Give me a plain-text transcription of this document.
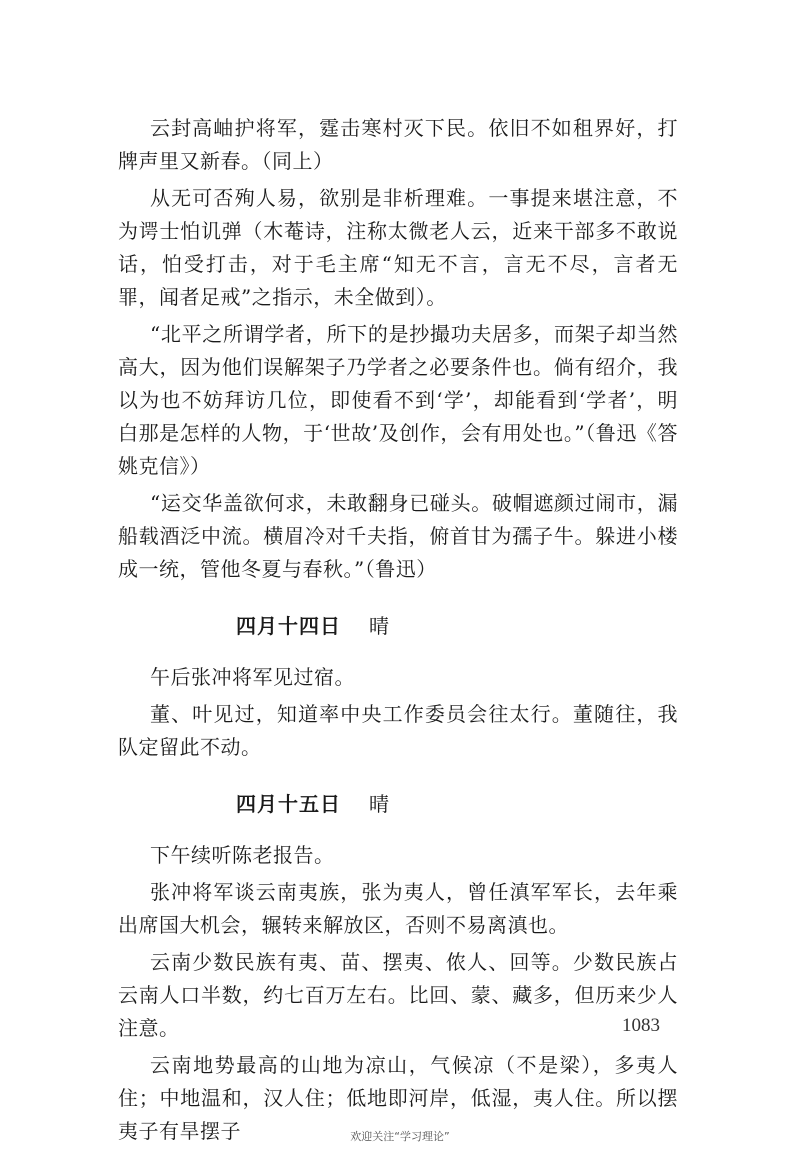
云封高岫护将军，霆击寒村灭下民。依旧不如租界好，打牌声里又新春。（同上）

从无可否殉人易，欲别是非析理难。一事提来堪注意，不为谔士怕讥弹（木菴诗，注称太微老人云，近来干部多不敢说话，怕受打击，对于毛主席“知无不言，言无不尽，言者无罪，闻者足戒”之指示，未全做到）。

“北平之所谓学者，所下的是抄撮功夫居多，而架子却当然高大，因为他们误解架子乃学者之必要条件也。倘有绍介，我以为也不妨拜访几位，即使看不到‘学’，却能看到‘学者’，明白那是怎样的人物，于‘世故’及创作，会有用处也。”（鲁迅《答姚克信》）

“运交华盖欲何求，未敢翻身已碰头。破帽遮颜过闹市，漏船载酒泛中流。横眉冷对千夫指，俯首甘为孺子牛。躲进小楼成一统，管他冬夏与春秋。”（鲁迅）

四月十四日 晴

午后张冲将军见过宿。

董、叶见过，知道率中央工作委员会往太行。董随往，我队定留此不动。

四月十五日 晴

下午续听陈老报告。

张冲将军谈云南夷族，张为夷人，曾任滇军军长，去年乘出席国大机会，辗转来解放区，否则不易离滇也。

云南少数民族有夷、苗、摆夷、侬人、回等。少数民族占云南人口半数，约七百万左右。比回、蒙、藏多，但历来少人注意。

云南地势最高的山地为凉山，气候凉（不是梁），多夷人住；中地温和，汉人住；低地即河岸，低湿，夷人住。所以摆夷子有旱摆子

1083
欢迎关注“学习理论”
